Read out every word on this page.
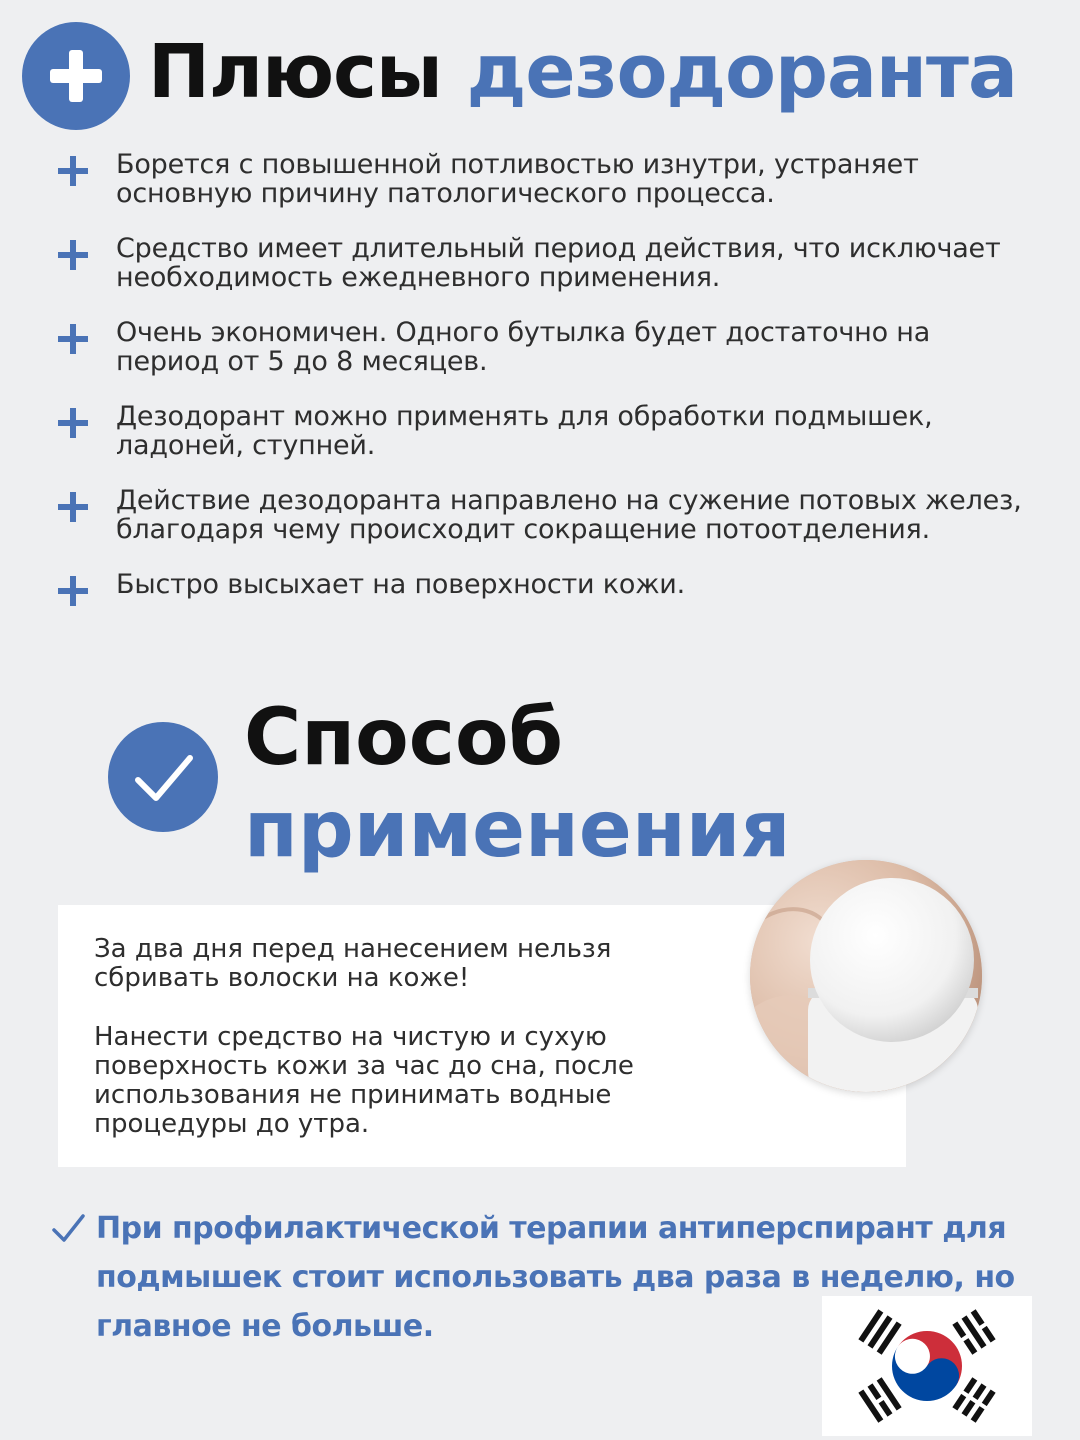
Плюсы дезодоранта
Борется с повышенной потливостью изнутри, устраняет основную причину патологического процесса.
Средство имеет длительный период действия, что исключает необходимость ежедневного применения.
Очень экономичен. Одного бутылка будет достаточно на период от 5 до 8 месяцев.
Дезодорант можно применять для обработки подмышек, ладоней, ступней.
Действие дезодоранта направлено на сужение потовых желез, благодаря чему происходит сокращение потоотделения.
Быстро высыхает на поверхности кожи.
Способ
применения

За два дня перед нанесением нельзя сбривать волоски на коже!

Нанести средство на чистую и сухую поверхность кожи за час до сна, после использования не принимать водные процедуры до утра.

При профилактической терапии антиперспирант для подмышек стоит использовать два раза в неделю, но главное не больше.
